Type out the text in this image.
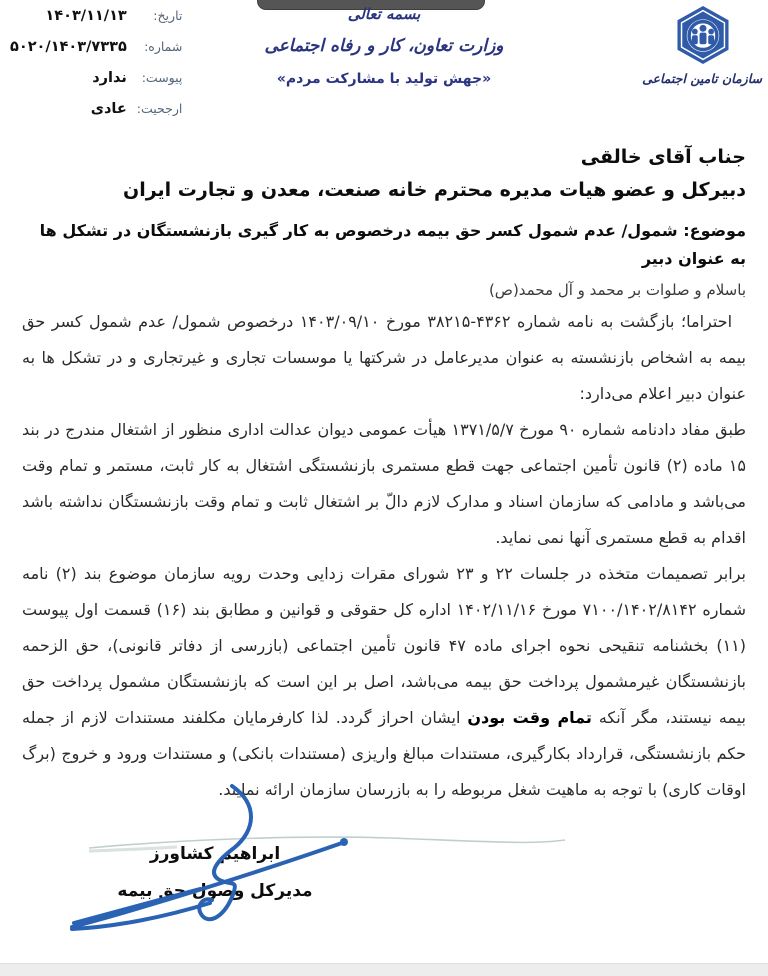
تاریخ:
۱۴۰۳/۱۱/۱۳
شماره:
۵۰۲۰/۱۴۰۳/۷۳۳۵
پیوست:
ندارد
ارجحیت:
عادی
بسمه تعالی
وزارت تعاون، کار و رفاه اجتماعی
«جهش تولید با مشارکت مردم»	سازمان تامین اجتماعی
جناب آقای خالقی
دبیرکل و عضو هیات مدیره محترم خانه صنعت، معدن و تجارت ایران
موضوع: شمول/ عدم شمول کسر حق بیمه درخصوص به کار گیری بازنشستگان در تشکل ها به عنوان دبیر
باسلام و صلوات بر محمد و آل محمد(ص)

احتراما؛ بازگشت به نامه شماره ۴۳۶۲-۳۸۲۱۵ مورخ ۱۴۰۳/۰۹/۱۰ درخصوص شمول/ عدم شمول کسر حق بیمه به اشخاص بازنشسته به عنوان مدیرعامل در شرکتها یا موسسات تجاری و غیرتجاری و در تشکل ها به عنوان دبیر اعلام می‌دارد:

طبق مفاد دادنامه شماره ۹۰ مورخ ۱۳۷۱/۵/۷ هیأت عمومی دیوان عدالت اداری منظور از اشتغال مندرج در بند ۱۵ ماده (۲) قانون تأمین اجتماعی جهت قطع مستمری بازنشستگی اشتغال به کار ثابت، مستمر و تمام وقت می‌باشد و مادامی که سازمان اسناد و مدارک لازم دالّ بر اشتغال ثابت و تمام وقت بازنشستگان نداشته باشد اقدام به قطع مستمری آنها نمی نماید.

برابر تصمیمات متخذه در جلسات ۲۲ و ۲۳ شورای مقرات زدایی وحدت رویه سازمان موضوع بند (۲) نامه شماره ۷۱۰۰/۱۴۰۲/۸۱۴۲ مورخ ۱۴۰۲/۱۱/۱۶ اداره کل حقوقی و قوانین و مطابق بند (۱۶) قسمت اول پیوست (۱۱) بخشنامه تنقیحی نحوه اجرای ماده ۴۷ قانون تأمین اجتماعی (بازرسی از دفاتر قانونی)، حق الزحمه بازنشستگان غیرمشمول پرداخت حق بیمه می‌باشد، اصل بر این است که بازنشستگان مشمول پرداخت حق بیمه نیستند، مگر آنکه تمام وقت بودن ایشان احراز گردد. لذا کارفرمایان مکلفند مستندات لازم از جمله حکم بازنشستگی، قرارداد بکارگیری، مستندات مبالغ واریزی (مستندات بانکی) و مستندات ورود و خروج (برگ اوقات کاری) با توجه به ماهیت شغل مربوطه را به بازرسان سازمان ارائه نمایند.

ابراهیم کشاورز
مدیرکل وصول حق بیمه
